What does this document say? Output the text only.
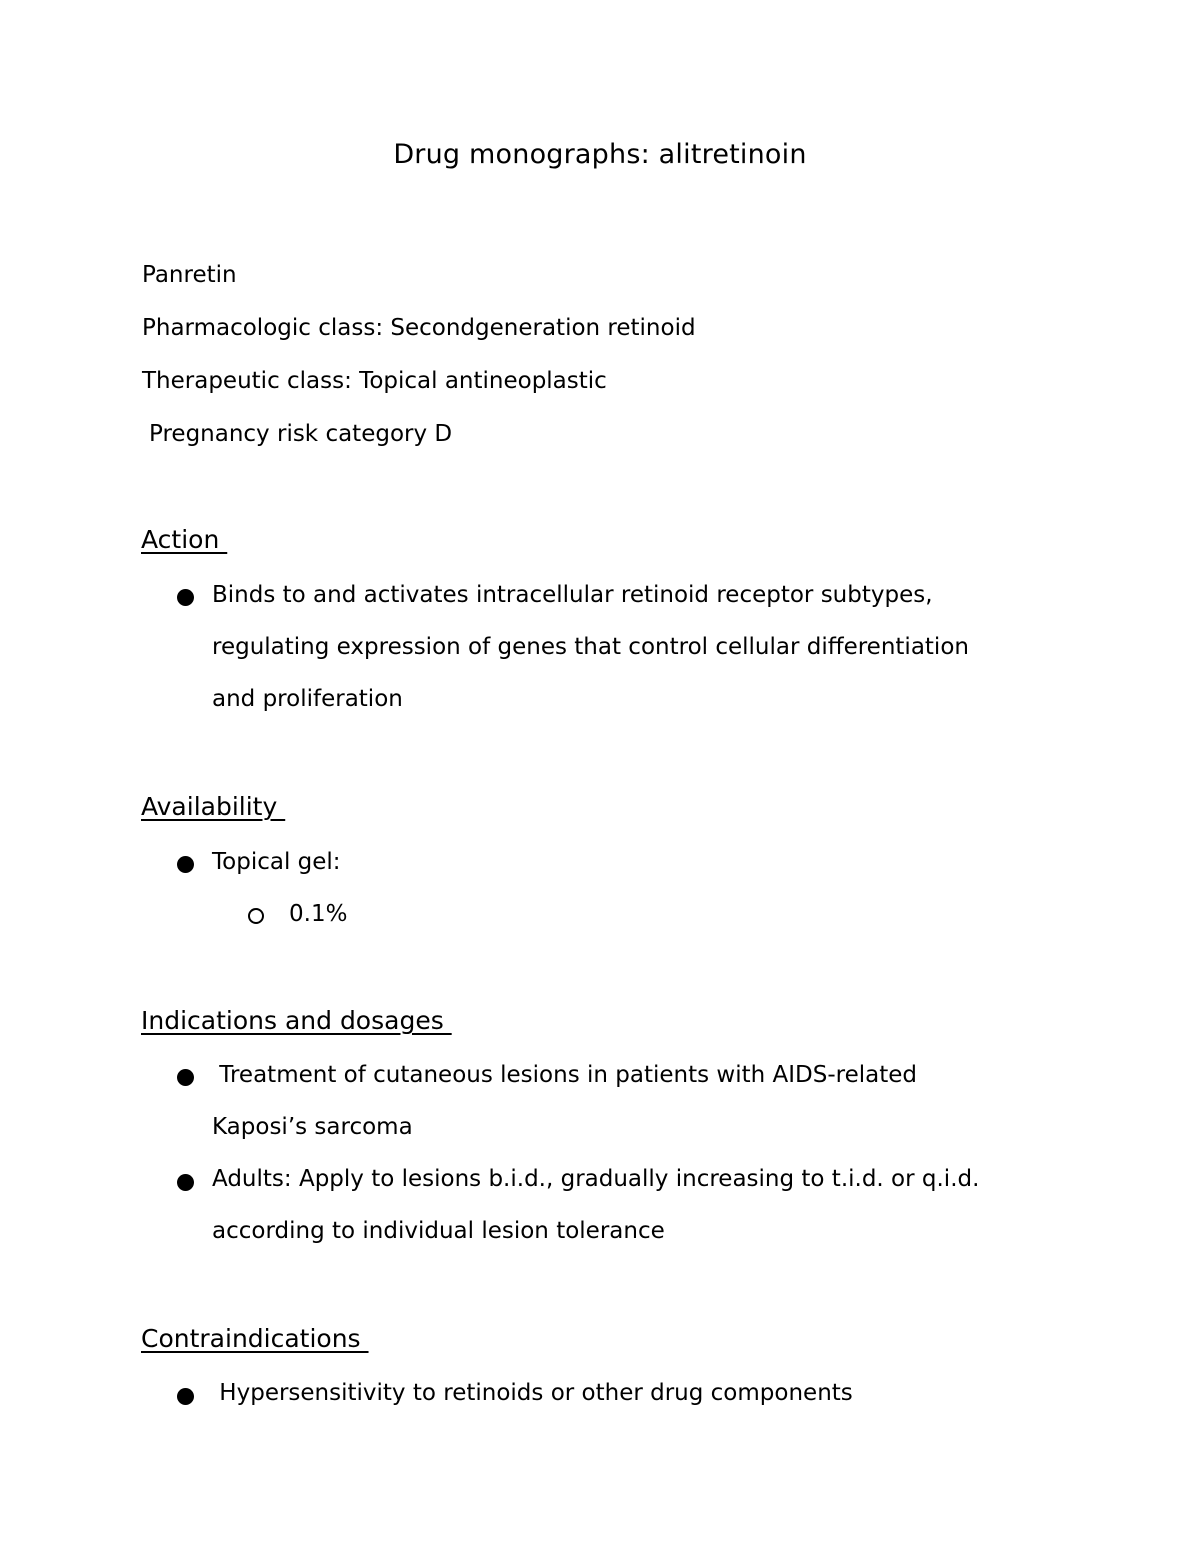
Drug monographs: alitretinoin
Panretin
Pharmacologic class: Secondgeneration retinoid
Therapeutic class: Topical antineoplastic
Pregnancy risk category D
Action
Binds to and activates intracellular retinoid receptor subtypes,
regulating expression of genes that control cellular differentiation
and proliferation
Availability
Topical gel:
0.1%
Indications and dosages
Treatment of cutaneous lesions in patients with AIDS-related
Kaposi’s sarcoma
Adults: Apply to lesions b.i.d., gradually increasing to t.i.d. or q.i.d.
according to individual lesion tolerance
Contraindications
Hypersensitivity to retinoids or other drug components
